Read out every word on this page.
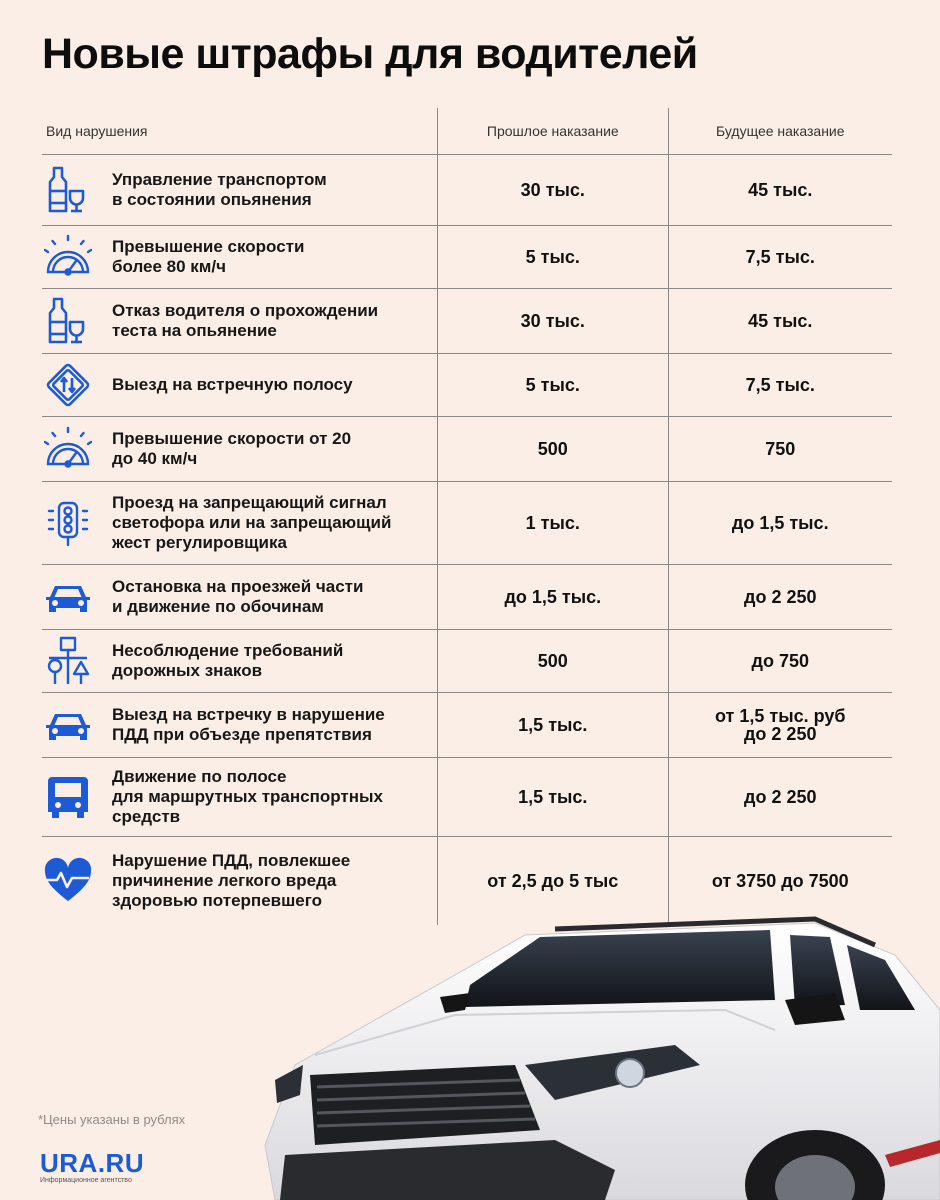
Новые штрафы для водителей
Вид нарушения	Прошлое наказание	Будущее наказание
Управление транспортом
в состоянии опьянения	30 тыс.	45 тыс.
Превышение скорости
более 80 км/ч	5 тыс.	7,5 тыс.
Отказ водителя о прохождении
теста на опьянение	30 тыс.	45 тыс.
Выезд на встречную полосу	5 тыс.	7,5 тыс.
Превышение скорости от 20
до 40 км/ч	500	750
Проезд на запрещающий сигнал
светофора или на запрещающий
жест регулировщика
1 тыс.	до 1,5 тыс.
Остановка на проезжей части
и движение по обочинам	до 1,5 тыс.	до 2 250
Несоблюдение требований
дорожных знаков	500	до 750
Выезд на встречку в нарушение
ПДД при объезде препятствия	1,5 тыс.	от 1,5 тыс. руб
до 2 250
Движение по полосе
для маршрутных транспортных
средств
1,5 тыс.	до 2 250
Нарушение ПДД, повлекшее
причинение легкого вреда
здоровью потерпевшего
от 2,5 до 5 тыс	от 3750 до 7500
*Цены указаны в рублях
URA.RU
Информационное агентство
